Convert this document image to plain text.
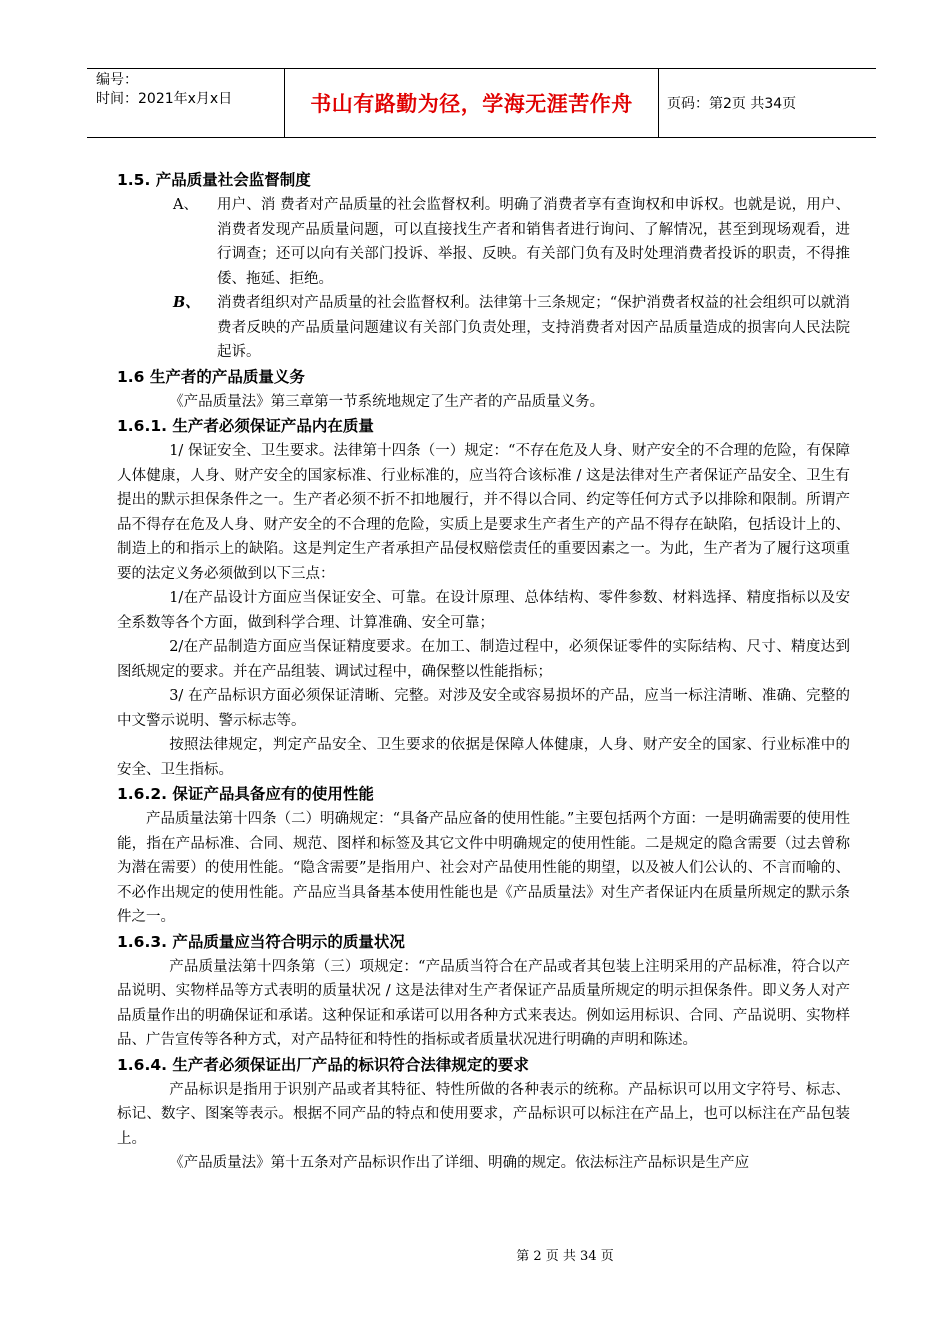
编号：
时间：2021年x月x日	书山有路勤为径，学海无涯苦作舟	页码：第2页 共34页
1.5. 产品质量社会监督制度
A、	用户、消 费者对产品质量的社会监督权利。明确了消费者享有查询权和申诉权。也就是说，用户、消费者发现产品质量问题，可以直接找生产者和销售者进行询问、了解情况，甚至到现场观看，进行调查；还可以向有关部门投诉、举报、反映。有关部门负有及时处理消费者投诉的职责，不得推倭、拖延、拒绝。
B、	消费者组织对产品质量的社会监督权利。法律第十三条规定；“保护消费者权益的社会组织可以就消费者反映的产品质量问题建议有关部门负责处理，支持消费者对因产品质量造成的损害向人民法院起诉。
1.6 生产者的产品质量义务

《产品质量法》第三章第一节系统地规定了生产者的产品质量义务。

1.6.1. 生产者必须保证产品内在质量

1/ 保证安全、卫生要求。法律第十四条（一）规定：“不存在危及人身、财产安全的不合理的危险，有保障人体健康，人身、财产安全的国家标准、行业标准的，应当符合该标准 / 这是法律对生产者保证产品安全、卫生有提出的默示担保条件之一。生产者必须不折不扣地履行，并不得以合同、约定等任何方式予以排除和限制。所谓产品不得存在危及人身、财产安全的不合理的危险，实质上是要求生产者生产的产品不得存在缺陷，包括设计上的、制造上的和指示上的缺陷。这是判定生产者承担产品侵权赔偿责任的重要因素之一。为此，生产者为了履行这项重要的法定义务必须做到以下三点：

1/在产品设计方面应当保证安全、可靠。在设计原理、总体结构、零件参数、材料选择、精度指标以及安全系数等各个方面，做到科学合理、计算准确、安全可靠；

2/在产品制造方面应当保证精度要求。在加工、制造过程中，必须保证零件的实际结构、尺寸、精度达到图纸规定的要求。并在产品组装、调试过程中，确保整以性能指标；

3/ 在产品标识方面必须保证清晰、完整。对涉及安全或容易损坏的产品，应当一标注清晰、准确、完整的中文警示说明、警示标志等。

按照法律规定，判定产品安全、卫生要求的依据是保障人体健康，人身、财产安全的国家、行业标准中的安全、卫生指标。

1.6.2. 保证产品具备应有的使用性能

产品质量法第十四条（二）明确规定：“具备产品应备的使用性能。”主要包括两个方面：一是明确需要的使用性能，指在产品标准、合同、规范、图样和标签及其它文件中明确规定的使用性能。二是规定的隐含需要（过去曾称为潜在需要）的使用性能。“隐含需要”是指用户、社会对产品使用性能的期望，以及被人们公认的、不言而喻的、不必作出规定的使用性能。产品应当具备基本使用性能也是《产品质量法》对生产者保证内在质量所规定的默示条件之一。

1.6.3. 产品质量应当符合明示的质量状况

产品质量法第十四条第（三）项规定：“产品质当符合在产品或者其包装上注明采用的产品标准，符合以产品说明、实物样品等方式表明的质量状况 / 这是法律对生产者保证产品质量所规定的明示担保条件。即义务人对产品质量作出的明确保证和承诺。这种保证和承诺可以用各种方式来表达。例如运用标识、合同、产品说明、实物样品、广告宣传等各种方式，对产品特征和特性的指标或者质量状况进行明确的声明和陈述。

1.6.4. 生产者必须保证出厂产品的标识符合法律规定的要求

产品标识是指用于识别产品或者其特征、特性所做的各种表示的统称。产品标识可以用文字符号、标志、标记、数字、图案等表示。根据不同产品的特点和使用要求，产品标识可以标注在产品上，也可以标注在产品包装上。

《产品质量法》第十五条对产品标识作出了详细、明确的规定。依法标注产品标识是生产应

第 2 页 共 34 页
